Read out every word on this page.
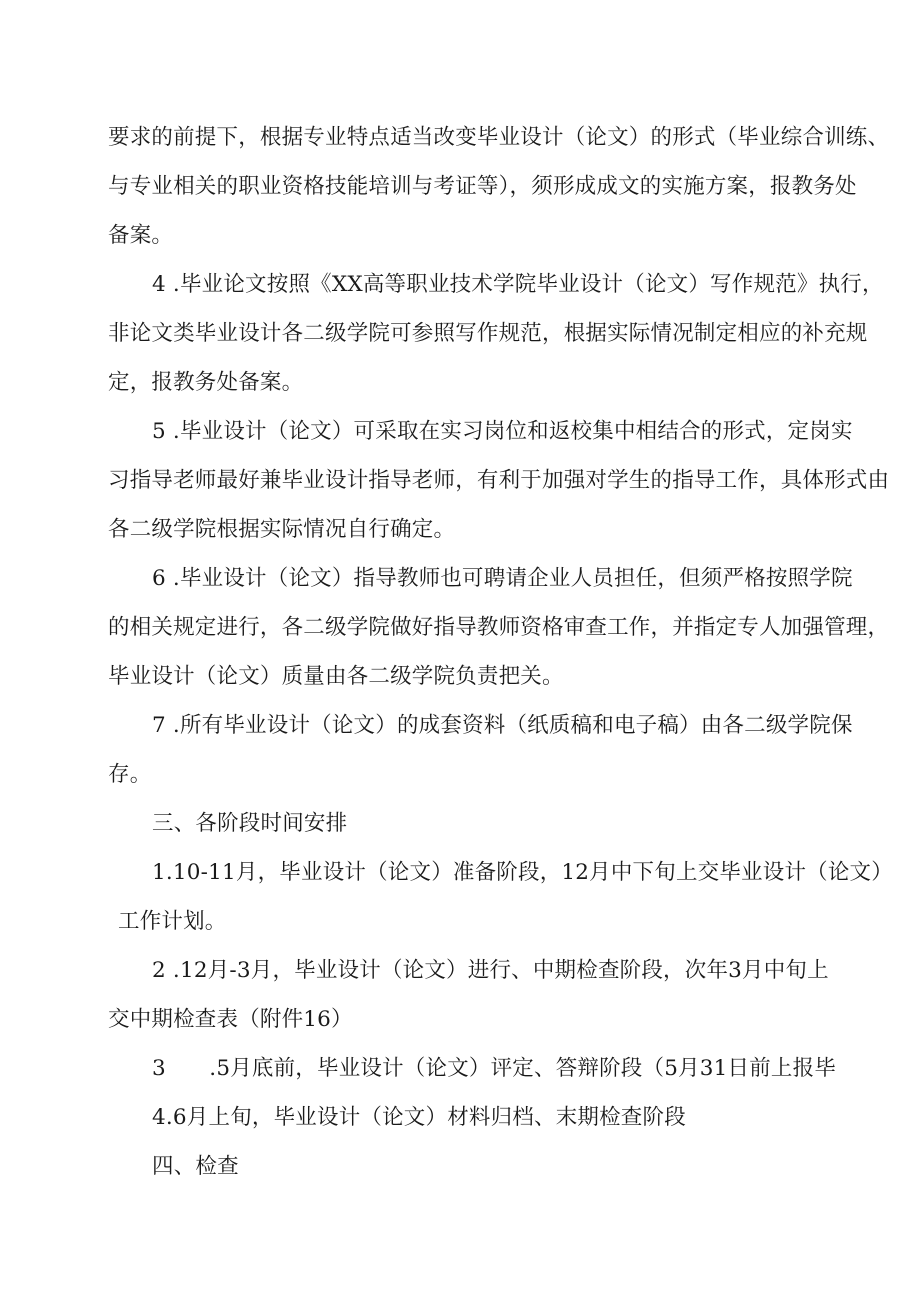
要求的前提下，根据专业特点适当改变毕业设计（论文）的形式（毕业综合训练、

与专业相关的职业资格技能培训与考证等），须形成成文的实施方案，报教务处

备案。

4 .毕业论文按照《XX高等职业技术学院毕业设计（论文）写作规范》执行，

非论文类毕业设计各二级学院可参照写作规范，根据实际情况制定相应的补充规

定，报教务处备案。

5 .毕业设计（论文）可采取在实习岗位和返校集中相结合的形式，定岗实

习指导老师最好兼毕业设计指导老师，有利于加强对学生的指导工作，具体形式由

各二级学院根据实际情况自行确定。

6 .毕业设计（论文）指导教师也可聘请企业人员担任，但须严格按照学院

的相关规定进行，各二级学院做好指导教师资格审查工作，并指定专人加强管理，

毕业设计（论文）质量由各二级学院负责把关。

7 .所有毕业设计（论文）的成套资料（纸质稿和电子稿）由各二级学院保

存。

三、各阶段时间安排

1.10-11月，毕业设计（论文）准备阶段，12月中下旬上交毕业设计（论文）

工作计划。

2 .12月-3月，毕业设计（论文）进行、中期检查阶段，次年3月中旬上

交中期检查表（附件16）

3　　.5月底前，毕业设计（论文）评定、答辩阶段（5月31日前上报毕

4.6月上旬，毕业设计（论文）材料归档、末期检查阶段

四、检查
